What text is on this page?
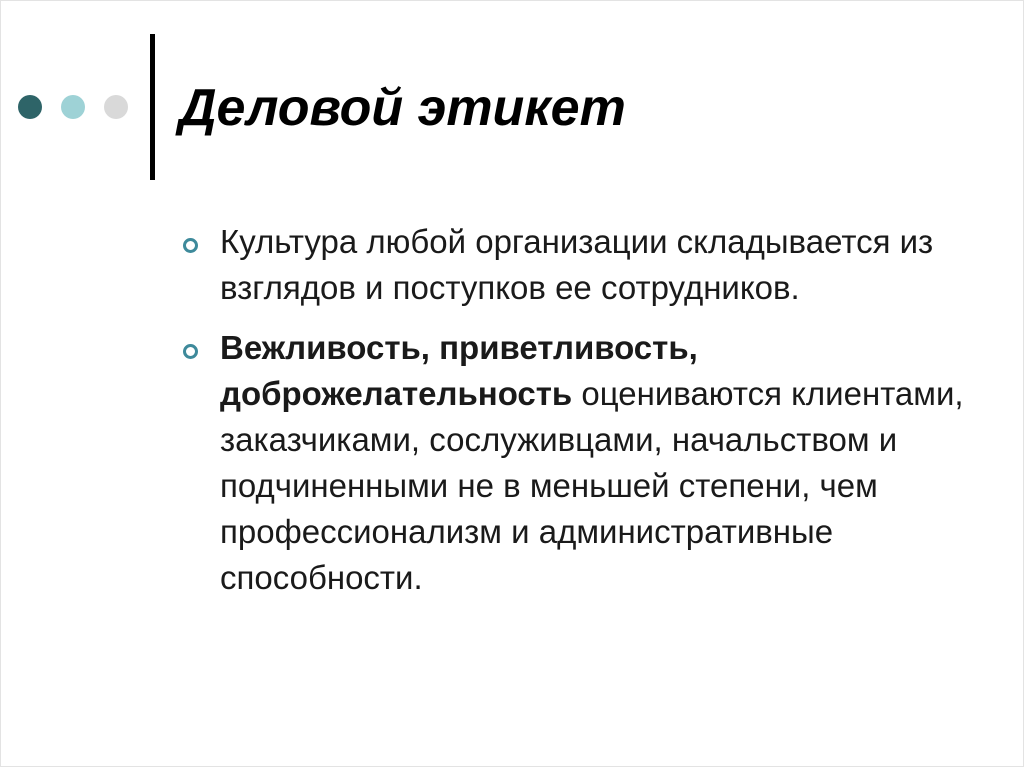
Деловой этикет
Культура любой организации складывается из взглядов и поступков ее сотрудников.
Вежливость, приветливость, доброжелательность оцениваются клиентами, заказчиками, сослуживцами, начальством и подчиненными не в меньшей степени, чем профессионализм и административные способности.
